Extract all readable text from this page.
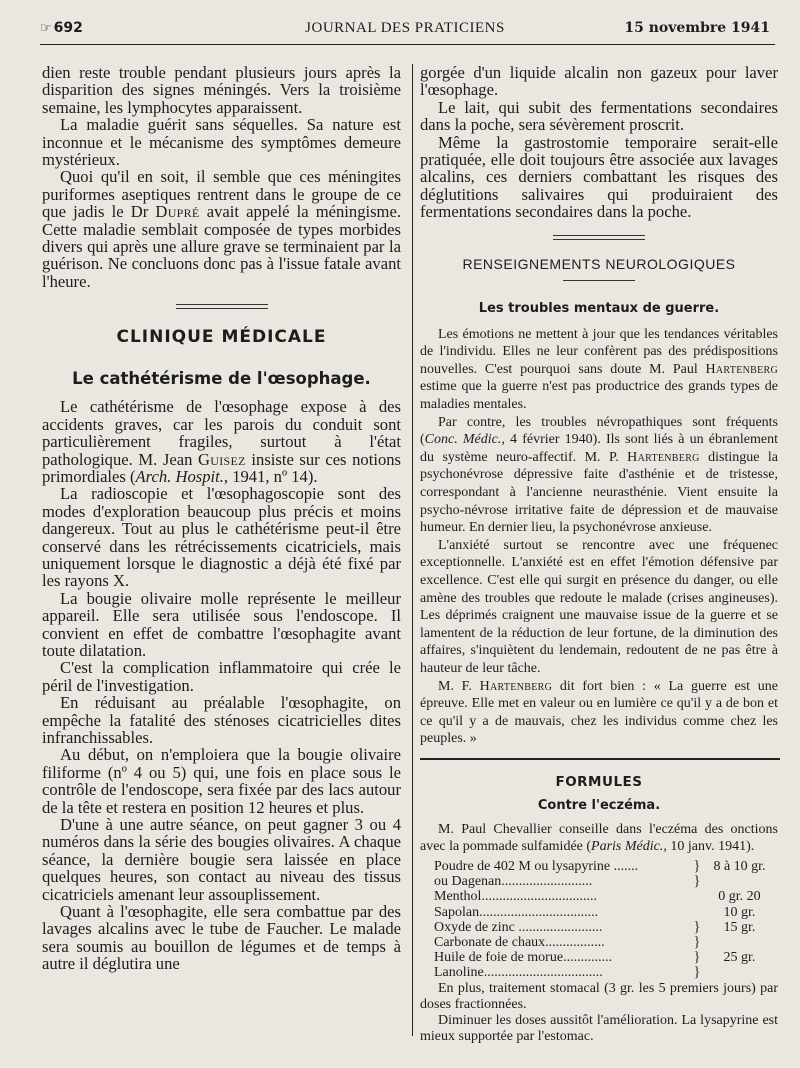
☞ 692	JOURNAL DES PRATICIENS	15 novembre 1941

dien reste trouble pendant plusieurs jours après la disparition des signes méningés. Vers la troisième semaine, les lymphocytes apparaissent.

La maladie guérit sans séquelles. Sa nature est inconnue et le mécanisme des symptômes demeure mystérieux.

Quoi qu'il en soit, il semble que ces méningites puriformes aseptiques rentrent dans le groupe de ce que jadis le Dr Dupré avait appelé la méningisme. Cette maladie semblait composée de types morbides divers qui après une allure grave se terminaient par la guérison. Ne concluons donc pas à l'issue fatale avant l'heure.

CLINIQUE MÉDICALE
Le cathétérisme de l'œsophage.

Le cathétérisme de l'œsophage expose à des accidents graves, car les parois du conduit sont particulièrement fragiles, surtout à l'état pathologique. M. Jean Guisez insiste sur ces notions primordiales (Arch. Hospit., 1941, nº 14).

La radioscopie et l'œsophagoscopie sont des modes d'exploration beaucoup plus précis et moins dangereux. Tout au plus le cathétérisme peut-il être conservé dans les rétrécissements cicatriciels, mais uniquement lorsque le diagnostic a déjà été fixé par les rayons X.

La bougie olivaire molle représente le meilleur appareil. Elle sera utilisée sous l'endoscope. Il convient en effet de combattre l'œsophagite avant toute dilatation.

C'est la complication inflammatoire qui crée le péril de l'investigation.

En réduisant au préalable l'œsophagite, on empêche la fatalité des sténoses cicatricielles dites infranchissables.

Au début, on n'emploiera que la bougie olivaire filiforme (nº 4 ou 5) qui, une fois en place sous le contrôle de l'endoscope, sera fixée par des lacs autour de la tête et restera en position 12 heures et plus.

D'une à une autre séance, on peut gagner 3 ou 4 numéros dans la série des bougies olivaires. A chaque séance, la dernière bougie sera laissée en place quelques heures, son contact au niveau des tissus cicatriciels amenant leur assouplissement.

Quant à l'œsophagite, elle sera combattue par des lavages alcalins avec le tube de Faucher. Le malade sera soumis au bouillon de légumes et de temps à autre il déglutira une

gorgée d'un liquide alcalin non gazeux pour laver l'œsophage.

Le lait, qui subit des fermentations secondaires dans la poche, sera sévèrement proscrit.

Même la gastrostomie temporaire serait-elle pratiquée, elle doit toujours être associée aux lavages alcalins, ces derniers combattant les risques des déglutitions salivaires qui produiraient des fermentations secondaires dans la poche.

RENSEIGNEMENTS NEUROLOGIQUES
Les troubles mentaux de guerre.

Les émotions ne mettent à jour que les tendances véritables de l'individu. Elles ne leur confèrent pas des prédispositions nouvelles. C'est pourquoi sans doute M. Paul Hartenberg estime que la guerre n'est pas productrice des grands types de maladies mentales.

Par contre, les troubles névropathiques sont fréquents (Conc. Médic., 4 février 1940). Ils sont liés à un ébranlement du système neuro-affectif. M. P. Hartenberg distingue la psychonévrose dépressive faite d'asthénie et de tristesse, correspondant à l'ancienne neurasthénie. Vient ensuite la psycho-névrose irritative faite de dépression et de mauvaise humeur. En dernier lieu, la psychonévrose anxieuse.

L'anxiété surtout se rencontre avec une fréquenec exceptionnelle. L'anxiété est en effet l'émotion défensive par excellence. C'est elle qui surgit en présence du danger, ou elle amène des troubles que redoute le malade (crises angineuses). Les déprimés craignent une mauvaise issue de la guerre et se lamentent de la réduction de leur fortune, de la diminution des affaires, s'inquiètent du lendemain, redoutent de ne pas être à hauteur de leur tâche.

M. F. Hartenberg dit fort bien : « La guerre est une épreuve. Elle met en valeur ou en lumière ce qu'il y a de bon et ce qu'il y a de mauvais, chez les individus comme chez les peuples. »

FORMULES
Contre l'eczéma.

M. Paul Chevallier conseille dans l'eczéma des onctions avec la pommade sulfamidée (Paris Médic., 10 janv. 1941).

Poudre de 402 M ou lysapyrine .......	}	8 à 10 gr.
ou Dagenan..........................	}	
Menthol.................................		0 gr. 20
Sapolan..................................		10 gr.
Oxyde de zinc ........................	}	15 gr.
Carbonate de chaux.................	}	
Huile de foie de morue..............	}	25 gr.
Lanoline..................................	}	

En plus, traitement stomacal (3 gr. les 5 premiers jours) par doses fractionnées.

Diminuer les doses aussitôt l'amélioration. La lysapyrine est mieux supportée par l'estomac.
